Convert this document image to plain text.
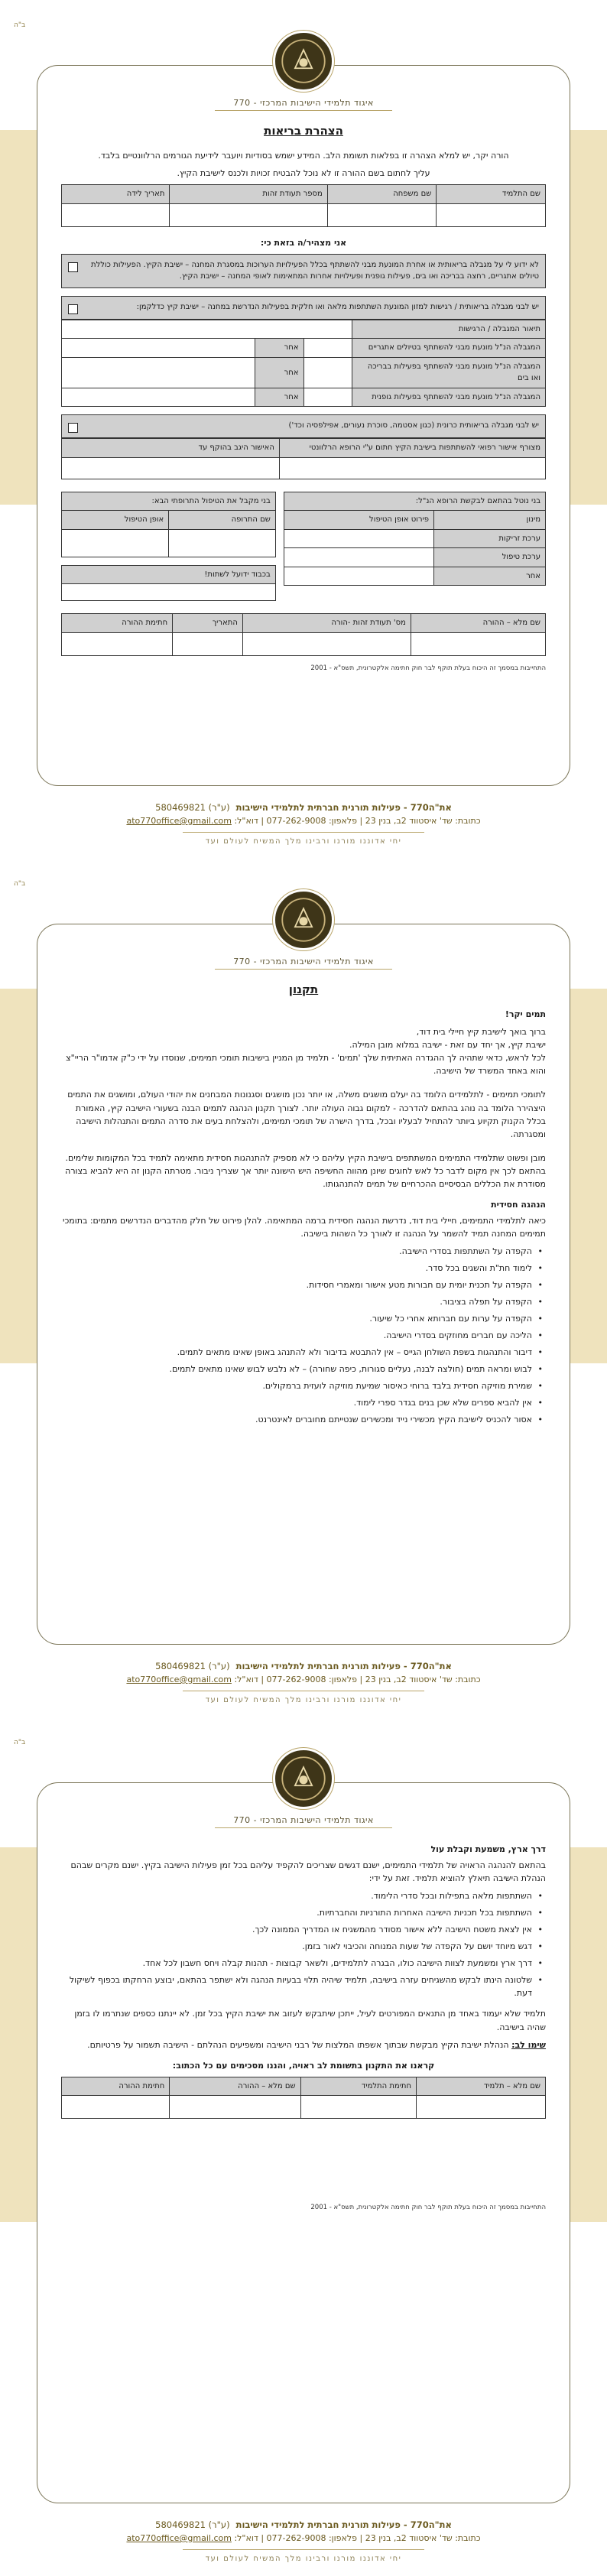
ב"ה
איגוד תלמידי הישיבות המרכזי - 770
הצהרת בריאות

הורה יקר, יש למלא הצהרה זו בפלאות תשומת הלב. המידע ישמש בסודיות ויועבר לידיעת הגורמים הרלוונטיים בלבד.

עליך לחתום בשם ההורה זו לא נוכל להבטיח זכויות ולכנס לישיבת הקיץ.

שם התלמיד	שם משפחה	מספר תעודת זהות	תאריך לידה

אני מצהיר/ה בזאת כי:

לא ידוע לי על מגבלה בריאותית או אחרת המונעת מבני להשתתף בכלל הפעילויות הערוכות במסגרת המחנה – ישיבת הקיץ. הפעילות כוללת טיולים אתגריים, רחצה בבריכה ואו בים, פעילות גופנית ופעילויות אחרות המתאימות לאופי המחנה – ישיבת הקיץ.
יש לבני מגבלה בריאותית / רגישות למזון המונעת השתתפות מלאה ואו חלקית בפעילות הנדרשת במחנה – ישיבת קיץ כדלקמן:
תיאור המגבלה / הרגישות			
המגבלה הנ"ל מונעת מבני להשתתף בטיולים אתגריים		אחר	
המגבלה הנ"ל מונעת מבני להשתתף בפעילות בבריכה ואו בים		אחר	
המגבלה הנ"ל מונעת מבני להשתתף בפעילות גופנית		אחר	
יש לבני מגבלה בריאותית כרונית (כגון אסטמה, סוכרת נעורים, אפילפסיה וכד')
מצורף אישור רפואי להשתתפות בישיבת הקיץ חתום ע"י הרופא הרלוונטי	האישור היגב בהוקף עד

בני נוטל בהתאם לבקשת הרופא הנ"ל:	
מינון	פירוט אופן הטיפול
ערכת זריקות	
ערכת טיפול	
אחר	
בני מקבל את הטיפול התרופתי הבא:	
שם התרופה	אופן הטיפול

בכבוד ידועל לשתות!

שם מלא – ההורה	מס' תעודת זהות -הורה	התאריך	חתימת ההורה

התחייבות במסמך זה היכוח בעלת תוקף לבר חוק חתימה אלקטרונית, תשס"א - 2001

את"ה770 - פעילות תורנית חברתית לתלמידי הישיבות(ע"ר) 580469821
כתובת: שד' איסטווד 2ב, בנין 23 | פלאפון: 077-262-9008 | דוא"ל: ato770office@gmail.com
יחי אדוננו מורנו ורבינו מלך המשיח לעולם ועד
ב"ה
איגוד תלמידי הישיבות המרכזי - 770
תקנון

תמים יקר!

ברוך בואך לישיבת קיץ חיילי בית דוד,

ישיבת קיץ, אך יחד עם זאת - ישיבה במלוא מובן המילה.

לכל לראש, כדאי שתהיה לך ההגדרה האתיתית שלך 'תמים' - תלמיד מן המניין בישיבות תומכי תמימים, שנוסדו על ידי כ"ק אדמו"ר הריי"צ והוא באחד המשרד של הישיבה.

לתומכי תמימים - לתלמידים הלומד בה יעלם מושגים משלה, או יותר נכון מושגים וסגנונות המבחנים את יהודי העולם, ומושגים את התמים היצהירר הלומד בה נוהג בהתאם להדרכה - למקום גבוה העולה יותר. לצורך תקנון הנהגה לתמים הבנה בשעורי הישיבה קיץ, האמורת בכלל הקנוק תקיוע ביותר להתחיל לבעליו ובכל, בדרך הישרה של תומכי תמימים, ולהצלחת בעים את סדרה התמים והתנהלות הישיבה ומסגרתה.

מובן ופשוט שתלמידי התמימים המשתתפים בישיבת הקיץ עליהם כי לא מספיק להתנהגות חסידית מתאימה לתמיד בכל המקומות שלימים. בהתאם לכך אין מקום לדבר כל לאש לחוגים שיונן מהווה החשיפה היש הישונה יותר אך שצריך ניבור. מטרתה הקנון זה היא להביא בצורה מסודרת את הכללים הבסיסיים ההכרחיים של תמים להתנהגותו.

הנהגה חסידית

כיאה לתלמידי התמימים, חיילי בית דוד, נדרשת הנהגה חסידית ברמה המתאימה. להלן פירוט של חלק מהדברים הנדרשים מתמים: בתומכי תמימים המחנה תמיד להשמר על הנהגה זו לאורך כל השהות בישיבה.

• הקפדה על השתתפות בסדרי הישיבה.
• לימוד חת"ת והשגים בכל סדר.
• הקפדה על תכנית יומית עם חבורות מטע אישור ומאמרי חסידות.
• הקפדה על תפלה בציבור.
• הקפדה על ערות עם חברותא אחרי כל שיעור.
• הליכה עם חברים מחוזקים בסדרי הישיבה.
• דיבור והתנהגות בשפת השולחן הגייס – אין להתבטא בדיבור ולא להתנהג באופן שאינו מתאים לתמים.
• לבוש ומראה תמים (חולצה לבנה, נעליים סגורות, כיפה שחורה) – לא נלבש לבוש שאינו מתאים לתמים.
• שמירת מוזיקה חסידית בלבד ברוחי כאיסור שמיעת מוזיקה לועזית ברמקולים.
• אין להביא ספרים שלא שכן בנים בגדר ספרי לימוד.
• אסור להכניס לישיבת הקיץ מכשירי נייד ומכשירים שנטייתם מחוברים לאינטרנט.
את"ה770 - פעילות תורנית חברתית לתלמידי הישיבות(ע"ר) 580469821
כתובת: שד' איסטווד 2ב, בנין 23 | פלאפון: 077-262-9008 | דוא"ל: ato770office@gmail.com
יחי אדוננו מורנו ורבינו מלך המשיח לעולם ועד
ב"ה
איגוד תלמידי הישיבות המרכזי - 770

דרך ארץ, משמעת וקבלת עול

בהתאם להנהגה הראויה של תלמידי התמימים, ישנם דגשים שצריכים להקפיד עליהם בכל זמן פעילות הישיבה בקיץ. ישנם מקרים שבהם הנהלת הישיבה תיאלץ להוציא תלמיד. זאת על ידי:

• השתתפות מלאה בתפילות ובכל סדרי הלימוד.
• השתתפות בכל תכניות הישיבה האחרות התורניות והחברתיות.
• אין לצאת משטח הישיבה ללא אישור מסודר מהמשגיח או המדריך הממונה לכך.
• דגש מיוחד יושם על הקפדה של שעות המנוחה והכיבוי לאור בזמן.
• דרך ארץ ומשמעת לצוות הישיבה כולו, הבגרה לתלמידים, ולשאר קבוצות - תהנות קבלה ויחס חשבון לכל אחד.
• שלטונה הינתו לבקש מהשגיחים עזרה בישיבה, תלמיד שיהיה תלוי בבעיות הנהגה ולא ישתפר בהתאם, יבוצע הרחקתו בכפוף לשיקול דעת.

תלמיד שלא יעמוד באחד מן התנאים המפורטים לעיל, ייתכן שיתבקש לעזוב את ישיבת הקיץ בכל זמן. לא יינתנו כספים שנתרמו לו בזמן שהיה בישיבה.

שימו לב: הנהלת ישיבת הקיץ מבקשת שבתוך אשפתו המלצות של רבני הישיבה ומשפיעים הנהלתם - הישיבה תשמור על פרטיותם.

קראנו את התקנון בתשומת לב ראויה, והננו מסכימים עם כל הכתוב:

שם מלא – תלמיד	חתימת התלמיד	שם מלא – ההורה	חתימת ההורה

התחייבות במסמך זה היכוח בעלת תוקף לבר חוק חתימה אלקטרונית, תשס"א - 2001

את"ה770 - פעילות תורנית חברתית לתלמידי הישיבות(ע"ר) 580469821
כתובת: שד' איסטווד 2ב, בנין 23 | פלאפון: 077-262-9008 | דוא"ל: ato770office@gmail.com
יחי אדוננו מורנו ורבינו מלך המשיח לעולם ועד
